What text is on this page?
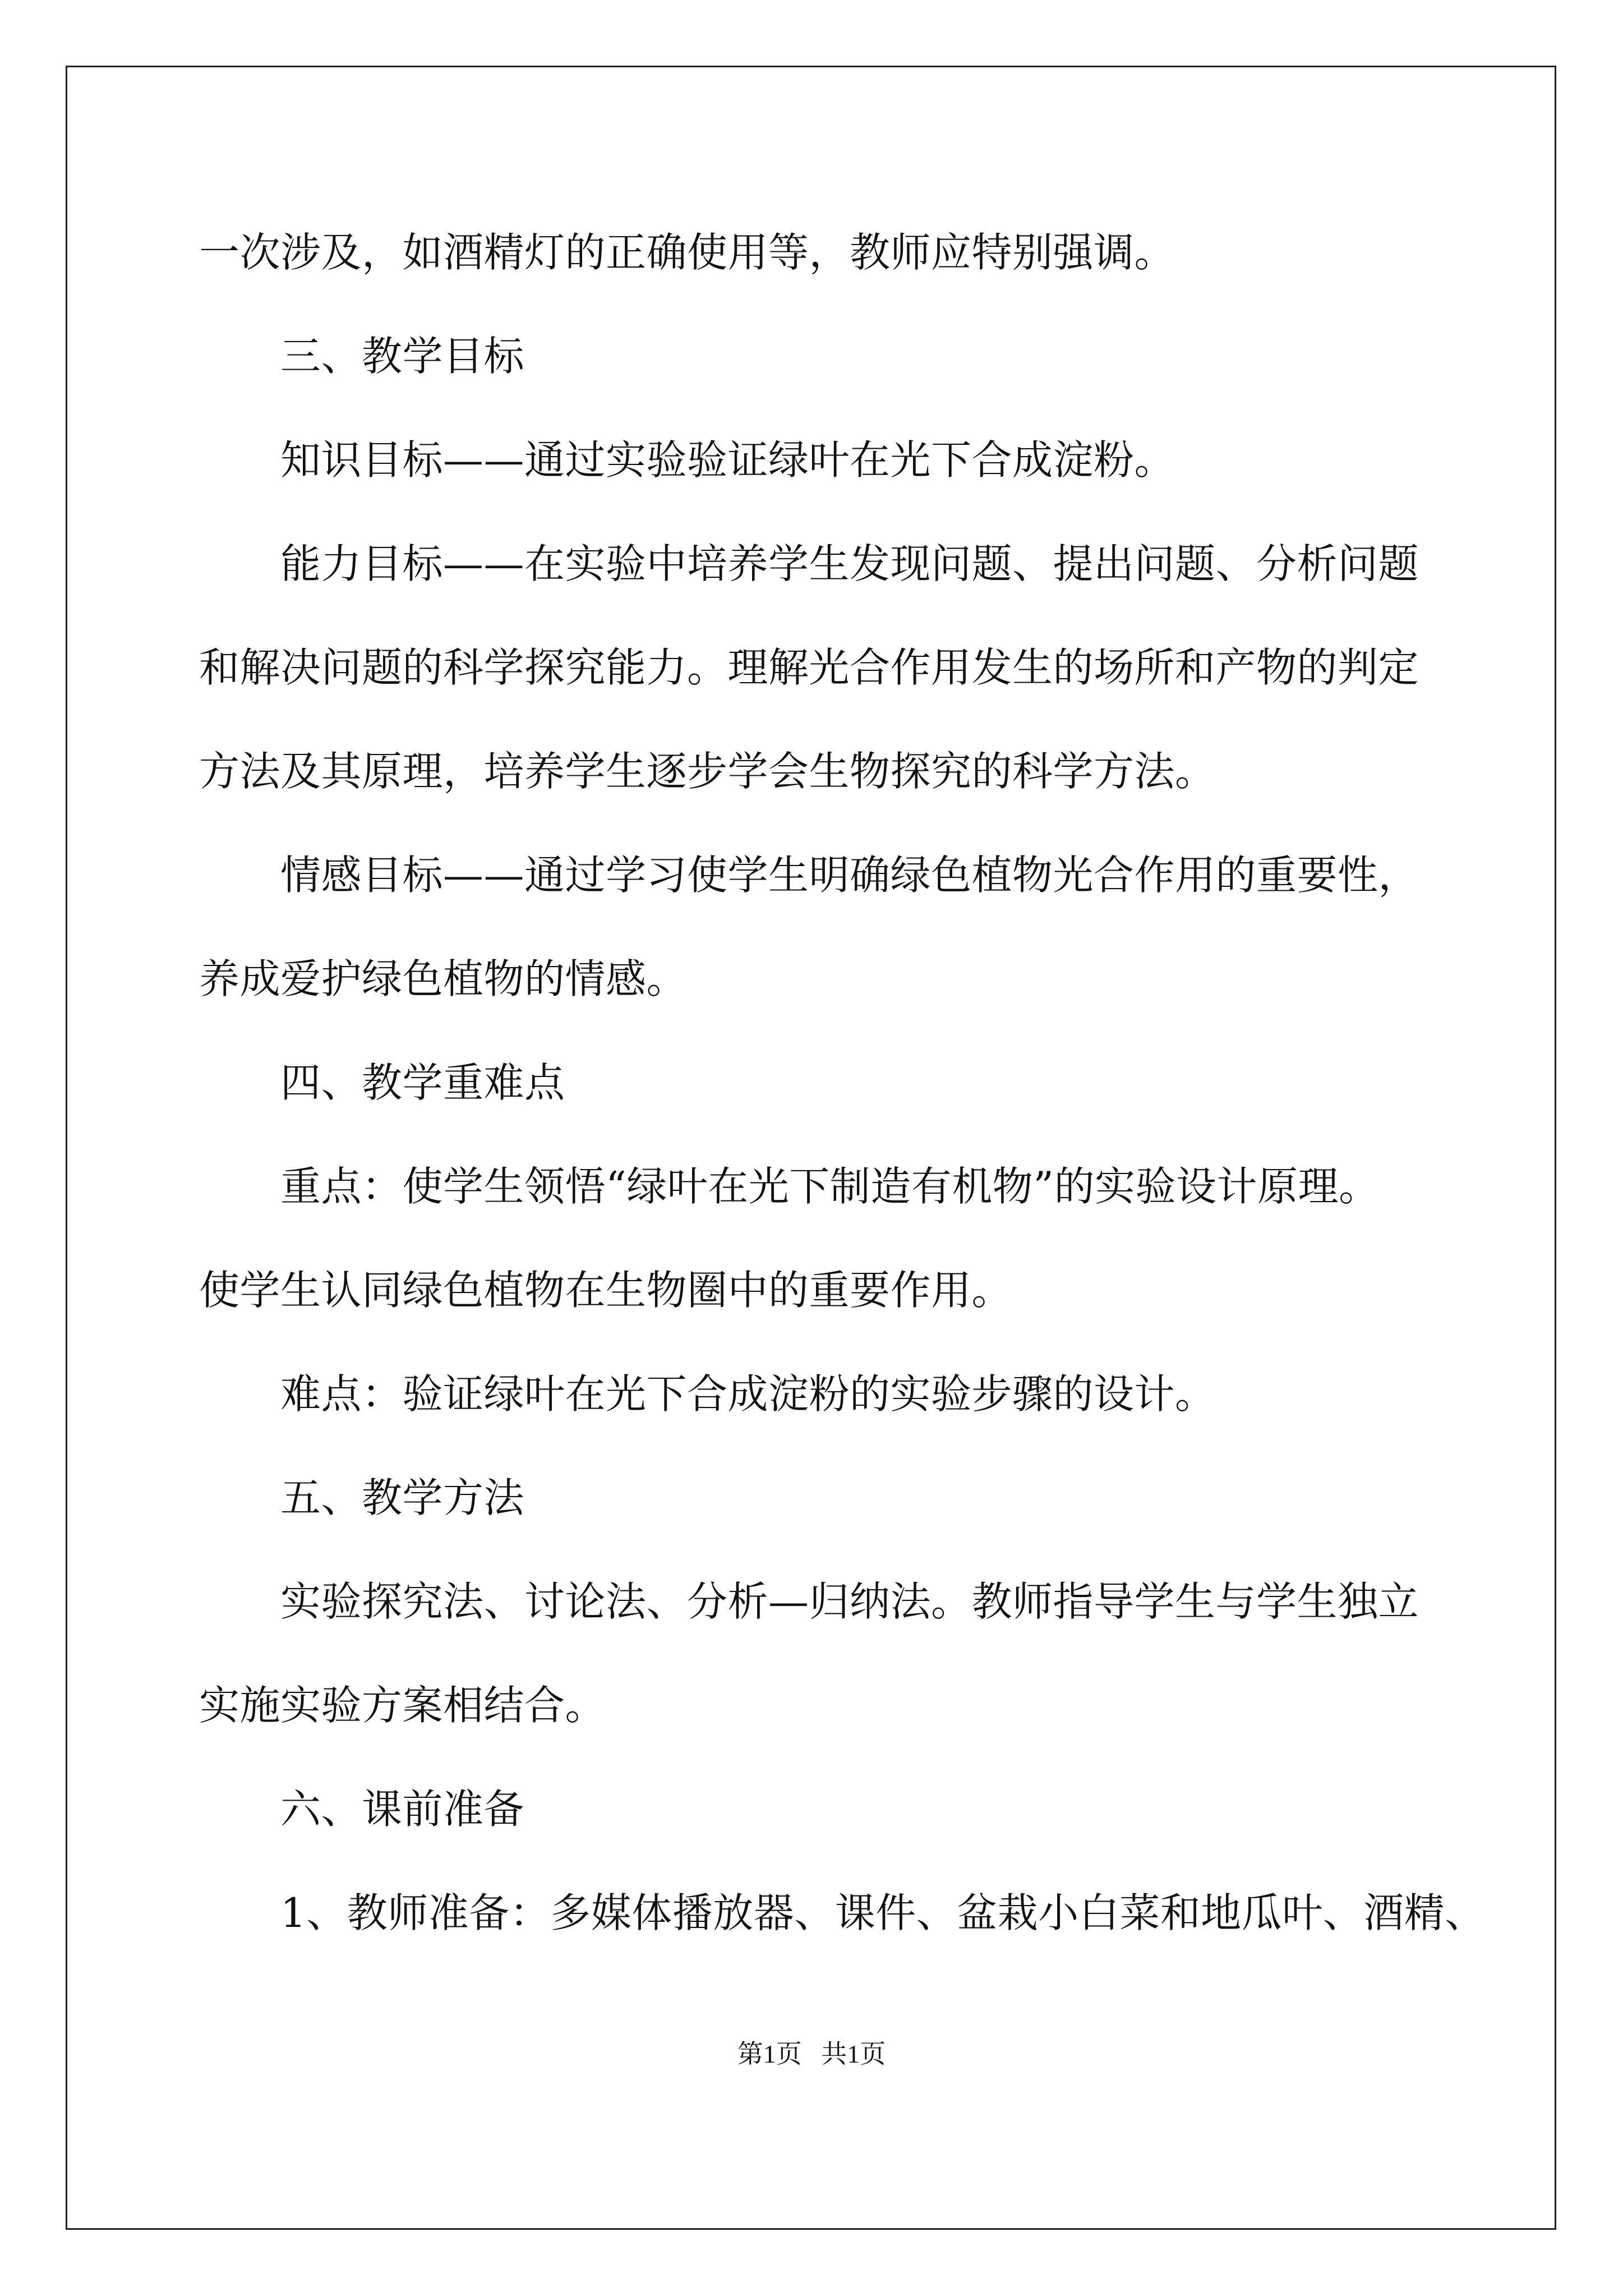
一次涉及，如酒精灯的正确使用等，教师应特别强调。
三、教学目标
知识目标——通过实验验证绿叶在光下合成淀粉。
能力目标——在实验中培养学生发现问题、提出问题、分析问题
和解决问题的科学探究能力。理解光合作用发生的场所和产物的判定
方法及其原理，培养学生逐步学会生物探究的科学方法。
情感目标——通过学习使学生明确绿色植物光合作用的重要性，
养成爱护绿色植物的情感。
四、教学重难点
重点：使学生领悟“绿叶在光下制造有机物”的实验设计原理。
使学生认同绿色植物在生物圈中的重要作用。
难点：验证绿叶在光下合成淀粉的实验步骤的设计。
五、教学方法
实验探究法、讨论法、分析—归纳法。教师指导学生与学生独立
实施实验方案相结合。
六、课前准备
1、教师准备：多媒体播放器、课件、盆栽小白菜和地瓜叶、酒精、
第1页   共1页
